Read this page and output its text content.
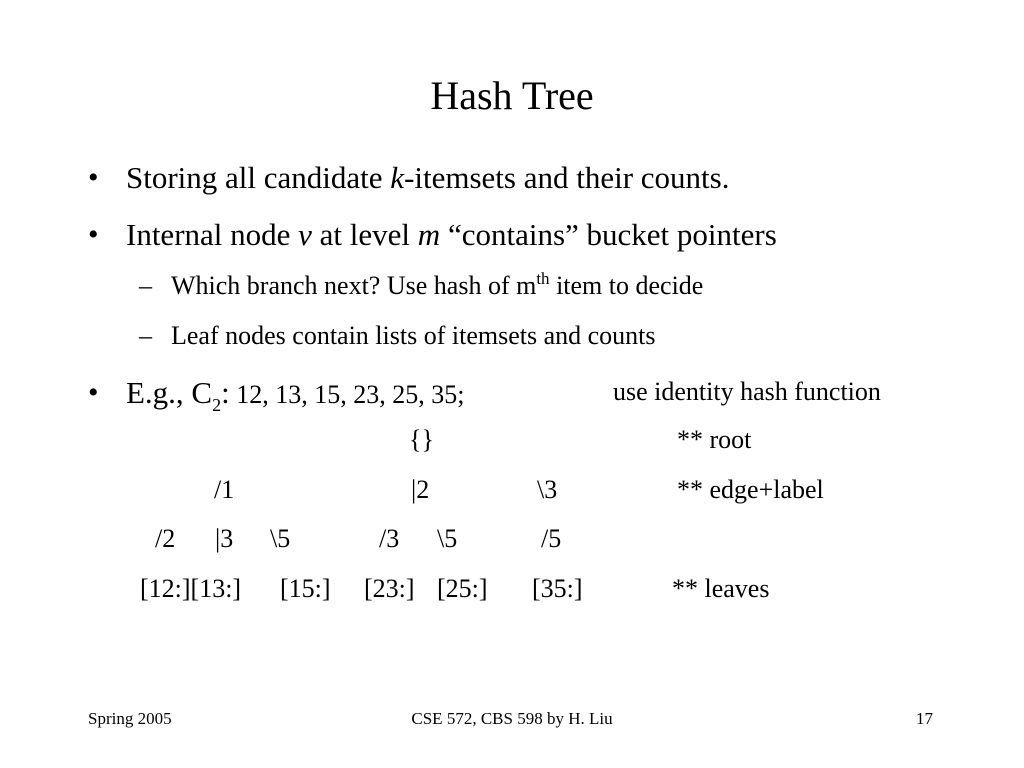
Hash Tree
• Storing all candidate k-itemsets and their counts.
• Internal node v at level m “contains” bucket pointers
– Which branch next? Use hash of $m^{th}$ item to decide
– Leaf nodes contain lists of itemsets and counts
• E.g., $C_2$: 12, 13, 15, 23, 25, 35;	use identity hash function
{}	** root
/1	|2	\3	** edge+label
/2 |3 \5	/3 \5	/5
[12:][13:] [15:] [23:] [25:] [35:]	** leaves
Spring 2005	CSE 572, CBS 598 by H. Liu	17
